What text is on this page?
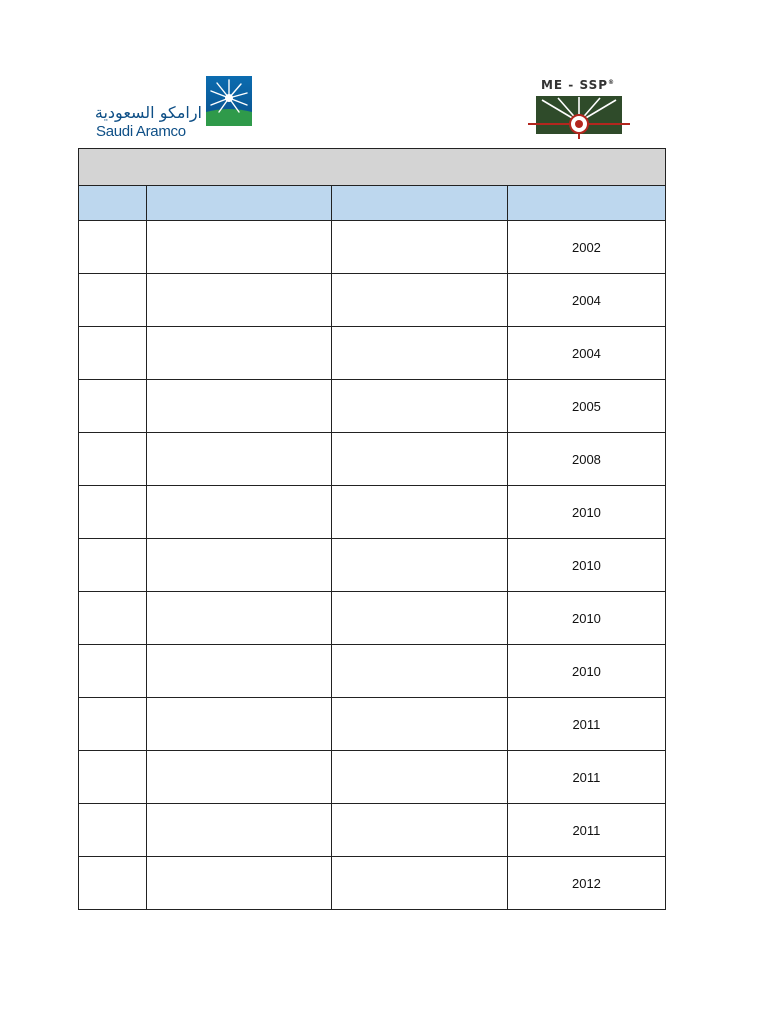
ارامكو السعودية
Saudi Aramco
ME - SSP®

			2002
			2004
			2004
			2005
			2008
			2010
			2010
			2010
			2010
			2011
			2011
			2011
			2012
